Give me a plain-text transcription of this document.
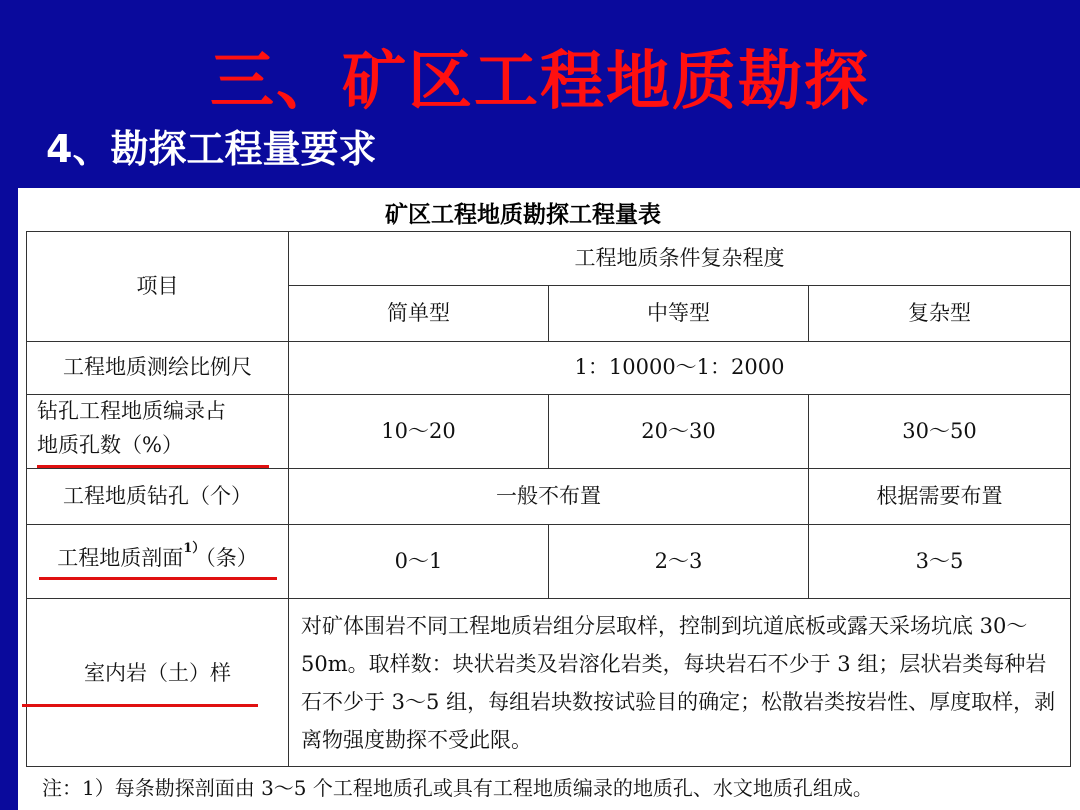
三、矿区工程地质勘探
4、勘探工程量要求
矿区工程地质勘探工程量表
项目	工程地质条件复杂程度		
	简单型	中等型	复杂型
工程地质测绘比例尺	1：10000～1：2000		

钻孔工程地质编录占
地质孔数（%）	10～20	20～30	30～50
工程地质钻孔（个）	一般不布置		根据需要布置
工程地质剖面$^{1)}$（条）	0～1	2～3	3～5
室内岩（土）样	对矿体围岩不同工程地质岩组分层取样，控制到坑道底板或露天采场坑底 30～50m。取样数：块状岩类及岩溶化岩类，每块岩石不少于 3 组；层状岩类每种岩石不少于 3～5 组，每组岩块数按试验目的确定；松散岩类按岩性、厚度取样，剥离物强度勘探不受此限。		
注：1）每条勘探剖面由 3～5 个工程地质孔或具有工程地质编录的地质孔、水文地质孔组成。
